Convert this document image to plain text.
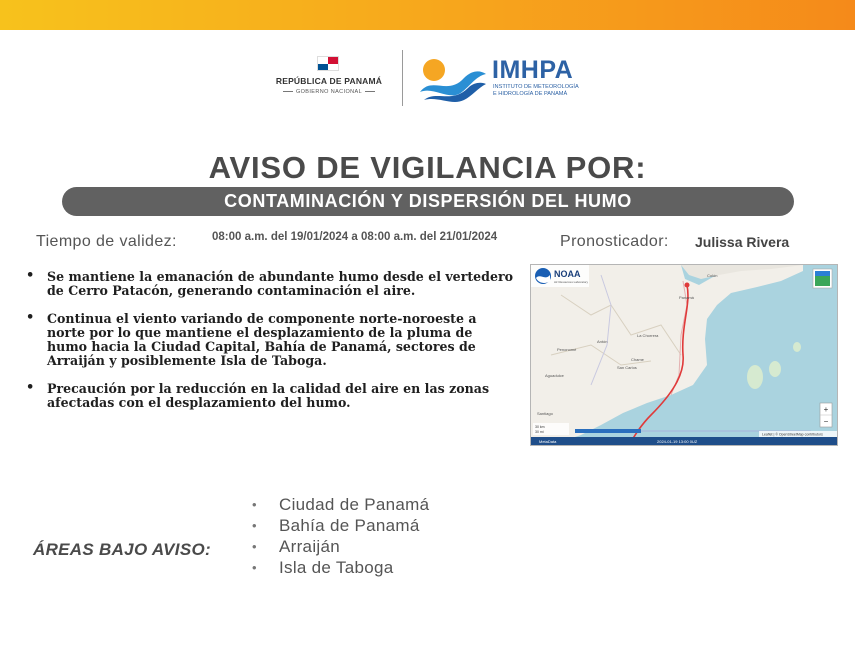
REPÚBLICA DE PANAMÁ
GOBIERNO NACIONAL
IMHPA
INSTITUTO DE METEOROLOGÍA
E HIDROLOGÍA DE PANAMÁ
AVISO DE VIGILANCIA POR:
CONTAMINACIÓN Y DISPERSIÓN DEL HUMO
Tiempo de validez:	08:00 a.m. del 19/01/2024 a 08:00 a.m. del 21/01/2024	Pronosticador: Julissa Rivera
• Se mantiene la emanación de abundante humo desde el vertedero de Cerro Patacón, generando contaminación el aire.
• Continua el viento variando de componente norte-noroeste a norte por lo que mantiene el desplazamiento de la pluma de humo hacia la Ciudad Capital, Bahía de Panamá, sectores de Arraiján y posiblemente Isla de Taboga.
• Precaución por la reducción en la calidad del aire en las zonas afectadas con el desplazamiento del humo.
Colón
Panamá
La Chorrera
Penonomé
Antón
Chame
San Carlos
Aguadulce
Santiago
NOAA
Air Resources Laboratory
+
−
30 km
30 mi
Leaflet | © OpenStreetMap contributors
MetaData	2024-01-19 13:00 0UZ
ÁREAS BAJO AVISO:
• Ciudad de Panamá
• Bahía de Panamá
• Arraiján
• Isla de Taboga
